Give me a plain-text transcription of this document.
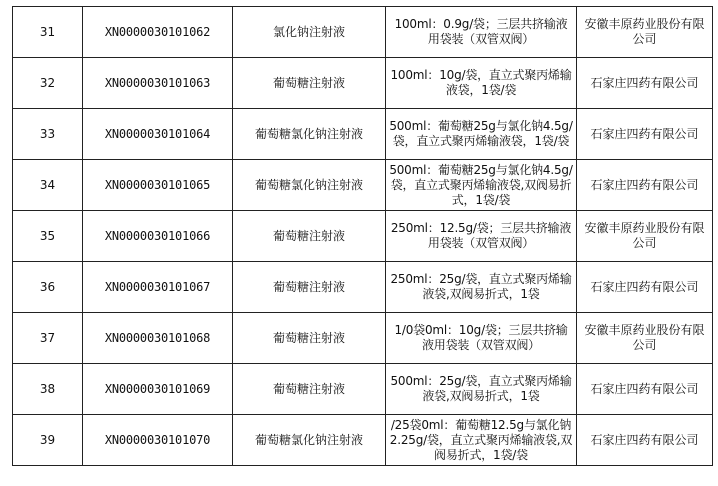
31	XN0000030101062	氯化钠注射液	100ml：0.9g/袋；三层共挤输液用袋装（双管双阀）	安徽丰原药业股份有限公司
32	XN0000030101063	葡萄糖注射液	100ml：10g/袋，直立式聚丙烯输液袋，1袋/袋	石家庄四药有限公司
33	XN0000030101064	葡萄糖氯化钠注射液	500ml：葡萄糖25g与氯化钠4.5g/袋，直立式聚丙烯输液袋，1袋/袋	石家庄四药有限公司
34	XN0000030101065	葡萄糖氯化钠注射液	500ml：葡萄糖25g与氯化钠4.5g/袋，直立式聚丙烯输液袋,双阀易折式，1袋/袋	石家庄四药有限公司
35	XN0000030101066	葡萄糖注射液	250ml：12.5g/袋；三层共挤输液用袋装（双管双阀）	安徽丰原药业股份有限公司
36	XN0000030101067	葡萄糖注射液	250ml：25g/袋，直立式聚丙烯输液袋,双阀易折式，1袋	石家庄四药有限公司
37	XN0000030101068	葡萄糖注射液	1/0袋0ml：10g/袋；三层共挤输液用袋装（双管双阀）	安徽丰原药业股份有限公司
38	XN0000030101069	葡萄糖注射液	500ml：25g/袋，直立式聚丙烯输液袋,双阀易折式，1袋	石家庄四药有限公司
39	XN0000030101070	葡萄糖氯化钠注射液	/25袋0ml：葡萄糖12.5g与氯化钠2.25g/袋，直立式聚丙烯输液袋,双阀易折式，1袋/袋	石家庄四药有限公司
